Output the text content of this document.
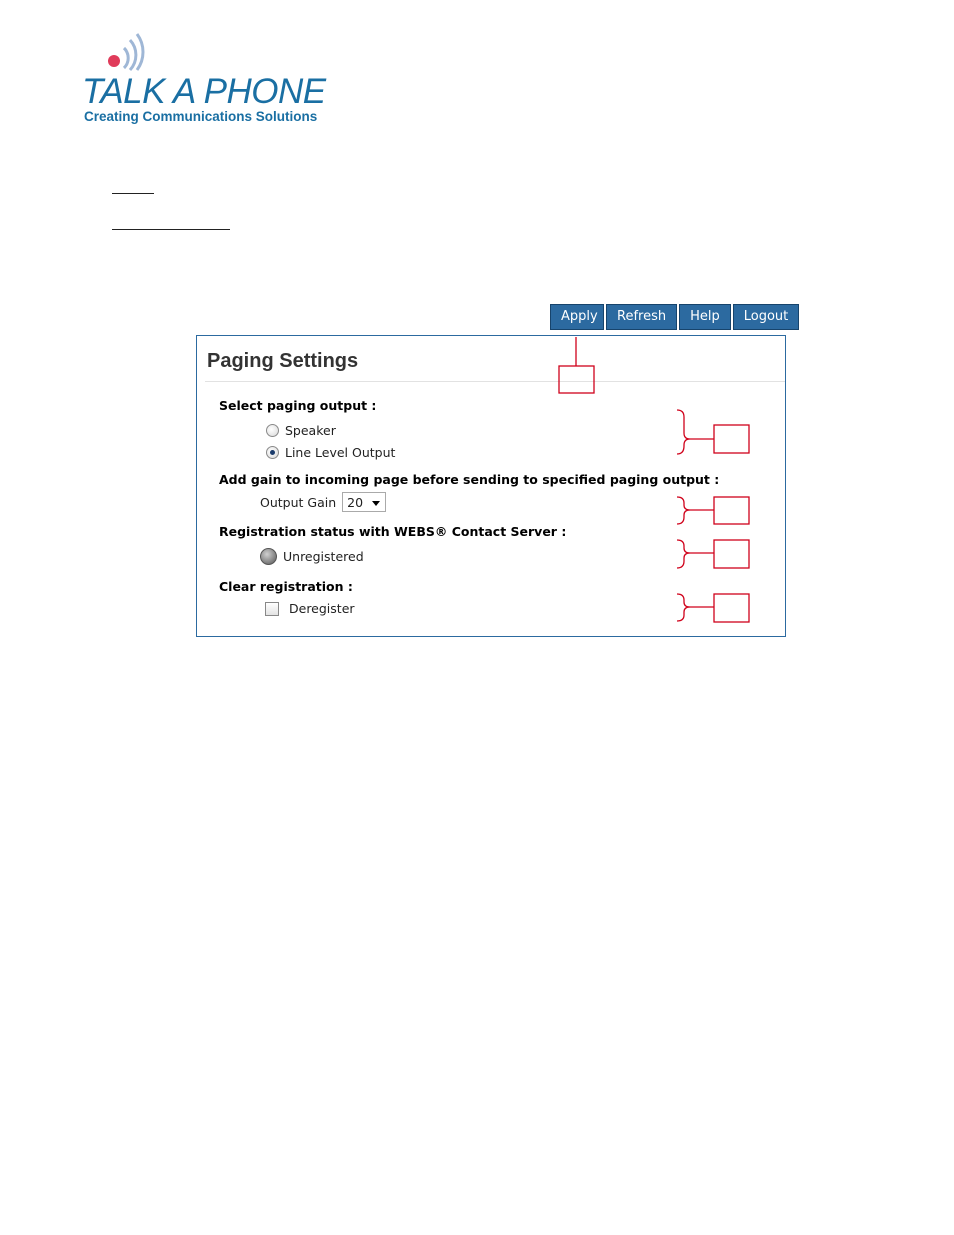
TALK A PHONE
Creating Communications Solutions
Apply	Refresh	Help	Logout
Paging Settings
Select paging output :
Speaker
Line Level Output
Add gain to incoming page before sending to specified paging output :
Output Gain 20
Registration status with WEBS® Contact Server :
Unregistered
Clear registration :
Deregister
